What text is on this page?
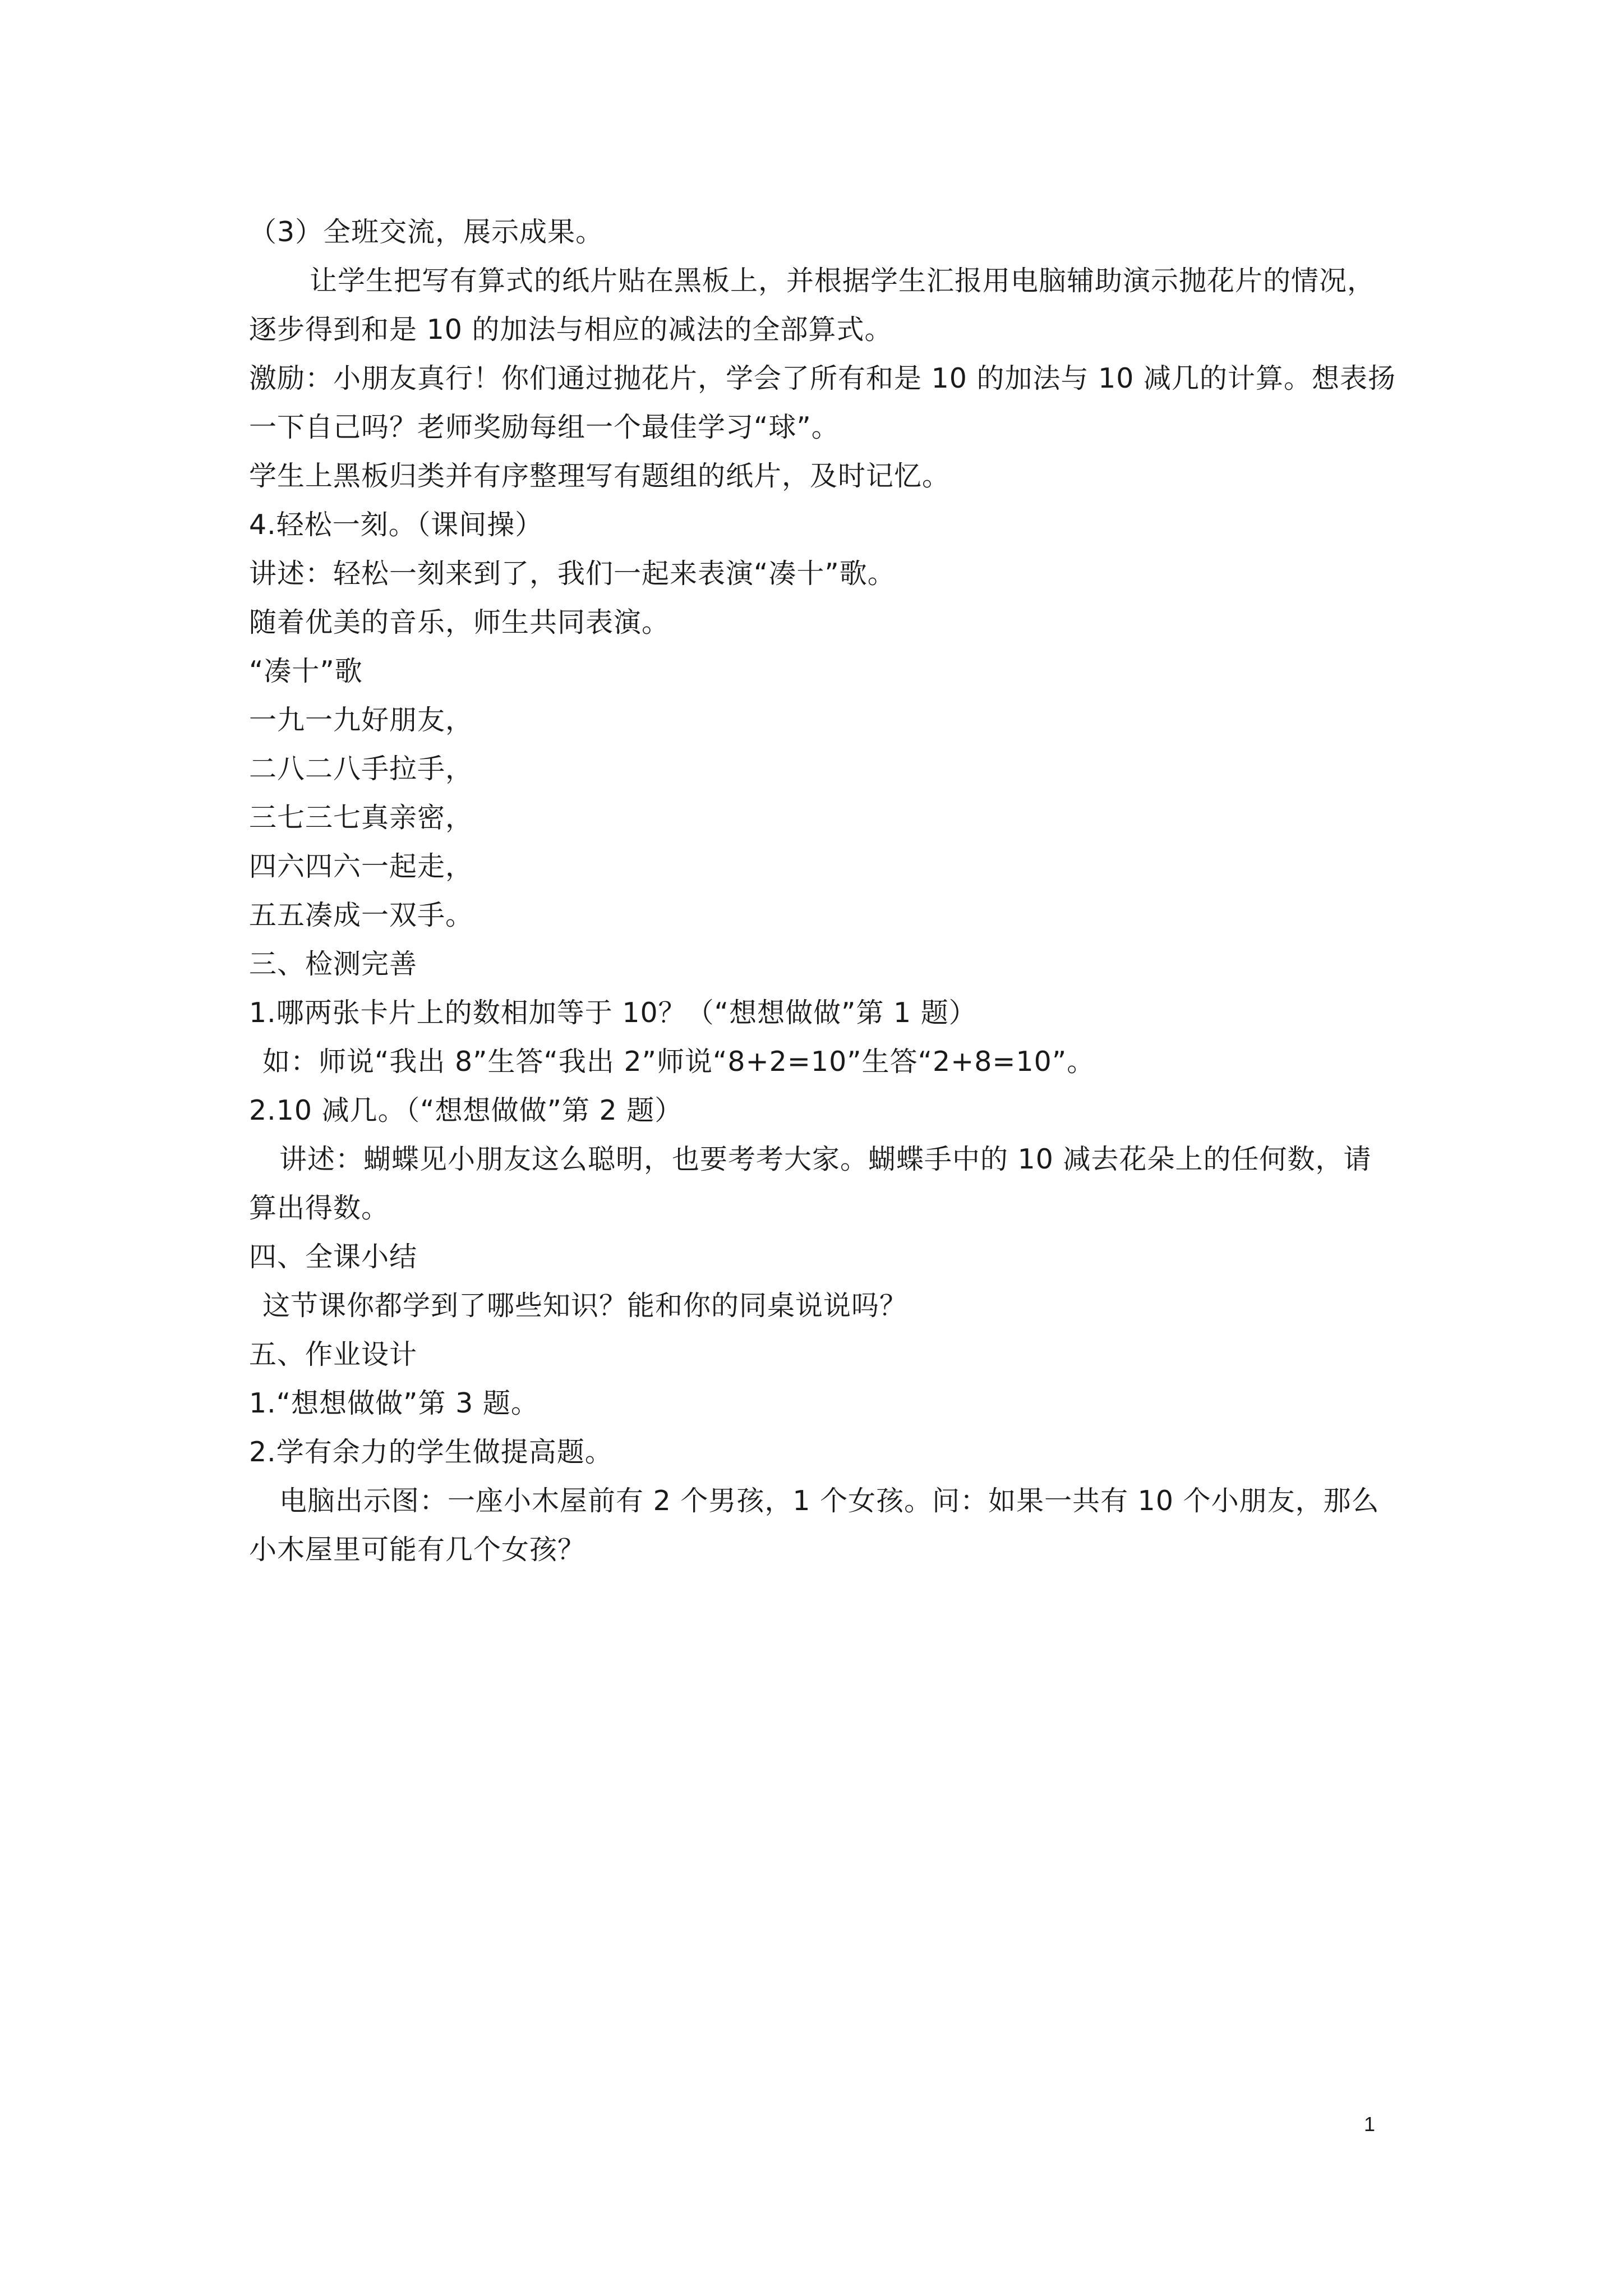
（3）全班交流，展示成果。
让学生把写有算式的纸片贴在黑板上，并根据学生汇报用电脑辅助演示抛花片的情况，
逐步得到和是 10 的加法与相应的减法的全部算式。
激励：小朋友真行！你们通过抛花片，学会了所有和是 10 的加法与 10 减几的计算。想表扬
一下自己吗？老师奖励每组一个最佳学习“球”。
学生上黑板归类并有序整理写有题组的纸片，及时记忆。
4.轻松一刻。（课间操）
讲述：轻松一刻来到了，我们一起来表演“凑十”歌。
随着优美的音乐，师生共同表演。
“凑十”歌
一九一九好朋友，
二八二八手拉手，
三七三七真亲密，
四六四六一起走，
五五凑成一双手。
三、检测完善
1.哪两张卡片上的数相加等于 10？（“想想做做”第 1 题）
如：师说“我出 8”生答“我出 2”师说“8+2=10”生答“2+8=10”。
2.10 减几。（“想想做做”第 2 题）
讲述：蝴蝶见小朋友这么聪明，也要考考大家。蝴蝶手中的 10 减去花朵上的任何数，请
算出得数。
四、全课小结
这节课你都学到了哪些知识？能和你的同桌说说吗？
五、作业设计
1.“想想做做”第 3 题。
2.学有余力的学生做提高题。
电脑出示图：一座小木屋前有 2 个男孩，1 个女孩。问：如果一共有 10 个小朋友，那么
小木屋里可能有几个女孩？
1
